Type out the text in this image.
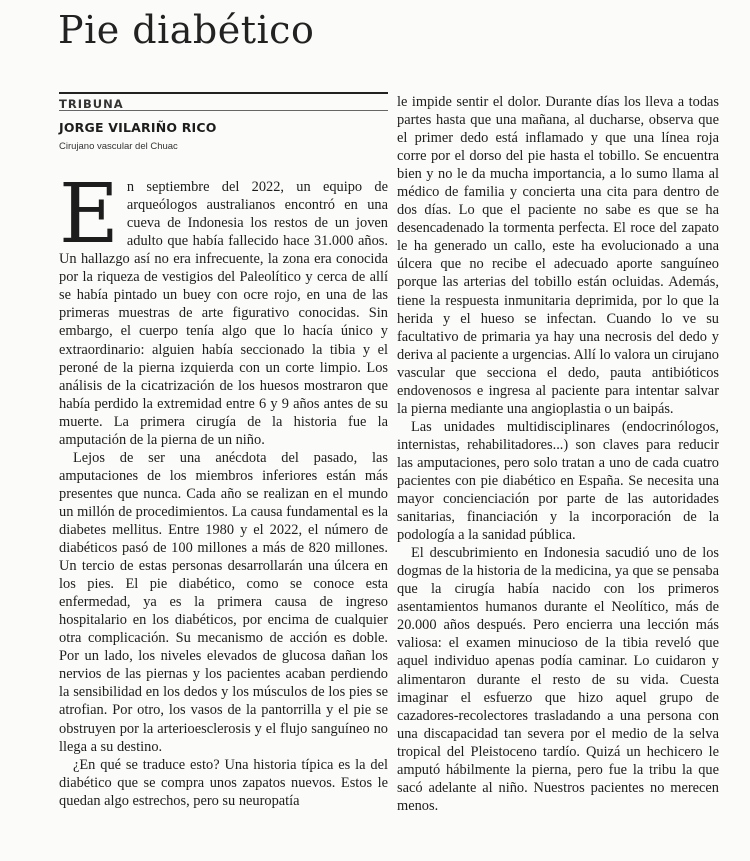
Pie diabético
TRIBUNA
JORGE VILARIÑO RICO
Cirujano vascular del Chuac

En septiembre del 2022, un equipo de arqueólogos australianos encontró en una cueva de Indonesia los restos de un joven adulto que había fallecido hace 31.000 años. Un hallazgo así no era infrecuente, la zona era conocida por la riqueza de vestigios del Paleolítico y cerca de allí se había pintado un buey con ocre rojo, en una de las primeras muestras de arte figurativo conocidas. Sin embargo, el cuerpo tenía algo que lo hacía único y extraordinario: alguien había seccionado la tibia y el peroné de la pierna izquierda con un corte limpio. Los análisis de la cicatrización de los huesos mostraron que había perdido la extremidad entre 6 y 9 años antes de su muerte. La primera cirugía de la historia fue la amputación de la pierna de un niño.

Lejos de ser una anécdota del pasado, las amputaciones de los miembros inferiores están más presentes que nunca. Cada año se realizan en el mundo un millón de procedimientos. La causa fundamental es la diabetes mellitus. Entre 1980 y el 2022, el número de diabéticos pasó de 100 millones a más de 820 millones. Un tercio de estas personas desarrollarán una úlcera en los pies. El pie diabético, como se conoce esta enfermedad, ya es la primera causa de ingreso hospitalario en los diabéticos, por encima de cualquier otra complicación. Su mecanismo de acción es doble. Por un lado, los niveles elevados de glucosa dañan los nervios de las piernas y los pacientes acaban perdiendo la sensibilidad en los dedos y los músculos de los pies se atrofian. Por otro, los vasos de la pantorrilla y el pie se obstruyen por la arterioesclerosis y el flujo sanguíneo no llega a su destino.

¿En qué se traduce esto? Una historia típica es la del diabético que se compra unos zapatos nuevos. Estos le quedan algo estrechos, pero su neuropatía

le impide sentir el dolor. Durante días los lleva a todas partes hasta que una mañana, al ducharse, observa que el primer dedo está inflamado y que una línea roja corre por el dorso del pie hasta el tobillo. Se encuentra bien y no le da mucha importancia, a lo sumo llama al médico de familia y concierta una cita para dentro de dos días. Lo que el paciente no sabe es que se ha desencadenado la tormenta perfecta. El roce del zapato le ha generado un callo, este ha evolucionado a una úlcera que no recibe el adecuado aporte sanguíneo porque las arterias del tobillo están ocluidas. Además, tiene la respuesta inmunitaria deprimida, por lo que la herida y el hueso se infectan. Cuando lo ve su facultativo de primaria ya hay una necrosis del dedo y deriva al paciente a urgencias. Allí lo valora un cirujano vascular que secciona el dedo, pauta antibióticos endovenosos e ingresa al paciente para intentar salvar la pierna mediante una angioplastia o un baipás.

Las unidades multidisciplinares (endocrinólogos, internistas, rehabilitadores...) son claves para reducir las amputaciones, pero solo tratan a uno de cada cuatro pacientes con pie diabético en España. Se necesita una mayor concienciación por parte de las autoridades sanitarias, financiación y la incorporación de la podología a la sanidad pública.

El descubrimiento en Indonesia sacudió uno de los dogmas de la historia de la medicina, ya que se pensaba que la cirugía había nacido con los primeros asentamientos humanos durante el Neolítico, más de 20.000 años después. Pero encierra una lección más valiosa: el examen minucioso de la tibia reveló que aquel individuo apenas podía caminar. Lo cuidaron y alimentaron durante el resto de su vida. Cuesta imaginar el esfuerzo que hizo aquel grupo de cazadores-recolectores trasladando a una persona con una discapacidad tan severa por el medio de la selva tropical del Pleistoceno tardío. Quizá un hechicero le amputó hábilmente la pierna, pero fue la tribu la que sacó adelante al niño. Nuestros pacientes no merecen menos.
